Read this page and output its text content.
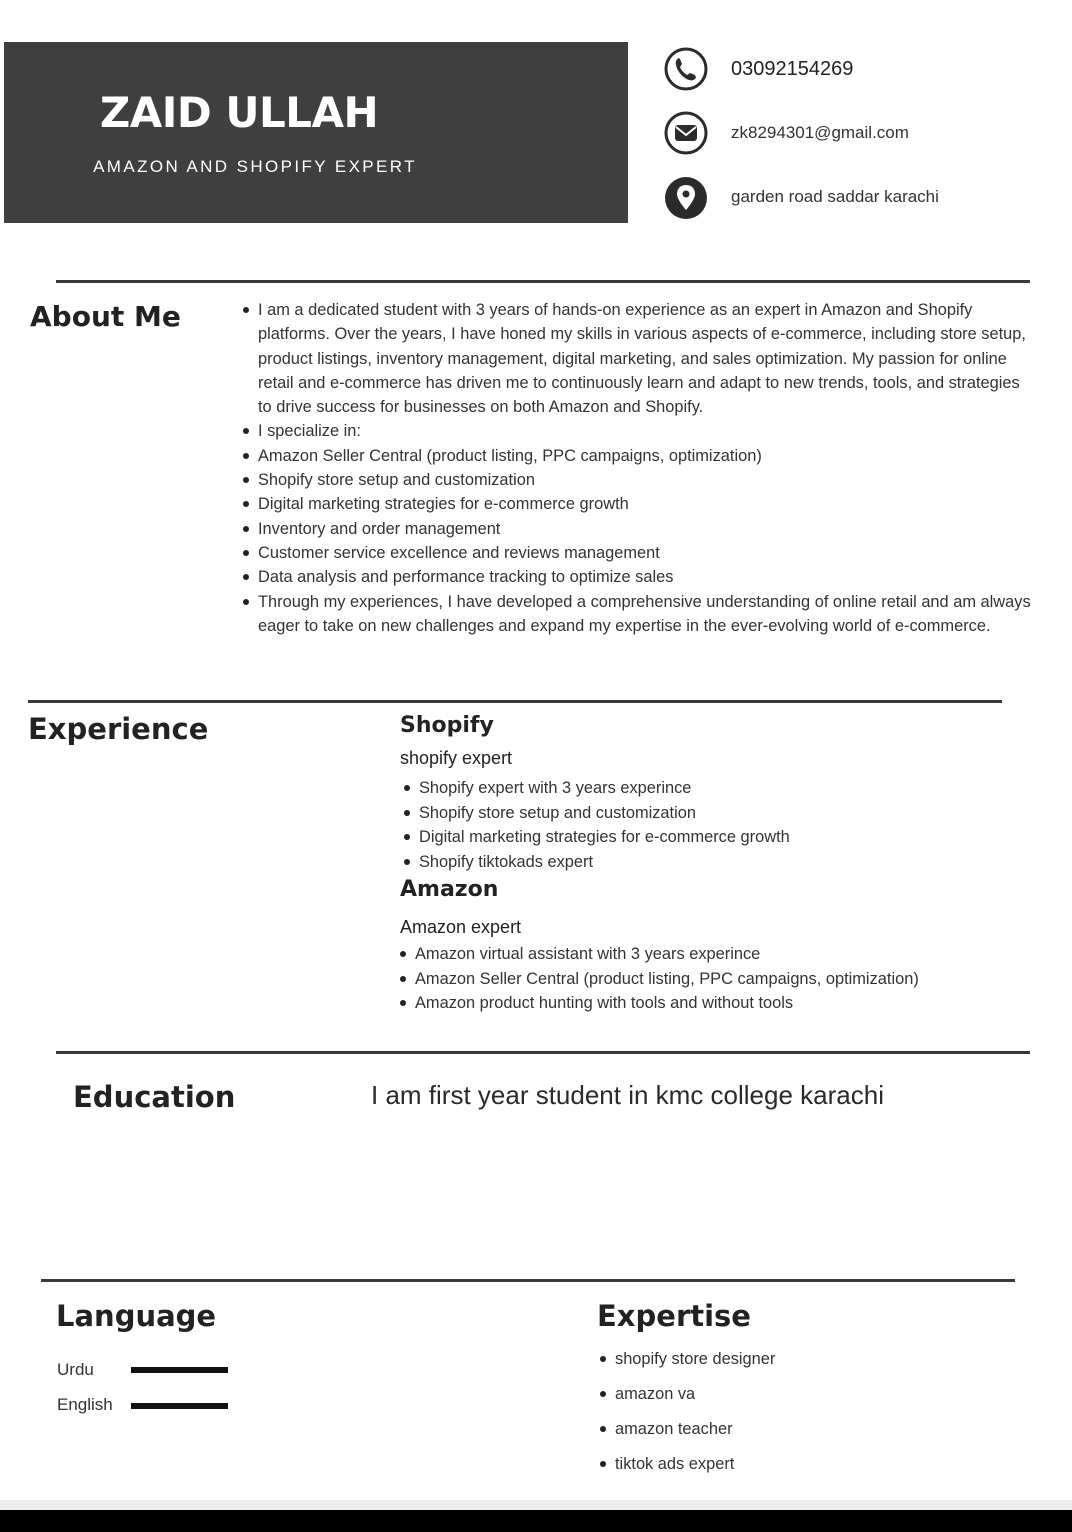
ZAID ULLAH
AMAZON AND SHOPIFY EXPERT
03092154269
zk8294301@gmail.com
garden road saddar karachi
About Me	I am a dedicated student with 3 years of hands-on experience as an expert in Amazon and Shopify platforms. Over the years, I have honed my skills in various aspects of e-commerce, including store setup, product listings, inventory management, digital marketing, and sales optimization. My passion for online retail and e-commerce has driven me to continuously learn and adapt to new trends, tools, and strategies to drive success for businesses on both Amazon and Shopify.
I specialize in:
Amazon Seller Central (product listing, PPC campaigns, optimization)
Shopify store setup and customization
Digital marketing strategies for e-commerce growth
Inventory and order management
Customer service excellence and reviews management
Data analysis and performance tracking to optimize sales
Through my experiences, I have developed a comprehensive understanding of online retail and am always eager to take on new challenges and expand my expertise in the ever-evolving world of e-commerce.
Experience	Shopify
shopify expert
Shopify expert with 3 years experince
Shopify store setup and customization
Digital marketing strategies for e-commerce growth
Shopify tiktokads expert
Amazon
Amazon expert
Amazon virtual assistant with 3 years experince
Amazon Seller Central (product listing, PPC campaigns, optimization)
Amazon product hunting with tools and without tools
Education	I am first year student in kmc college karachi
Language
Urdu
English
Expertise
shopify store designer
amazon va
amazon teacher
tiktok ads expert
